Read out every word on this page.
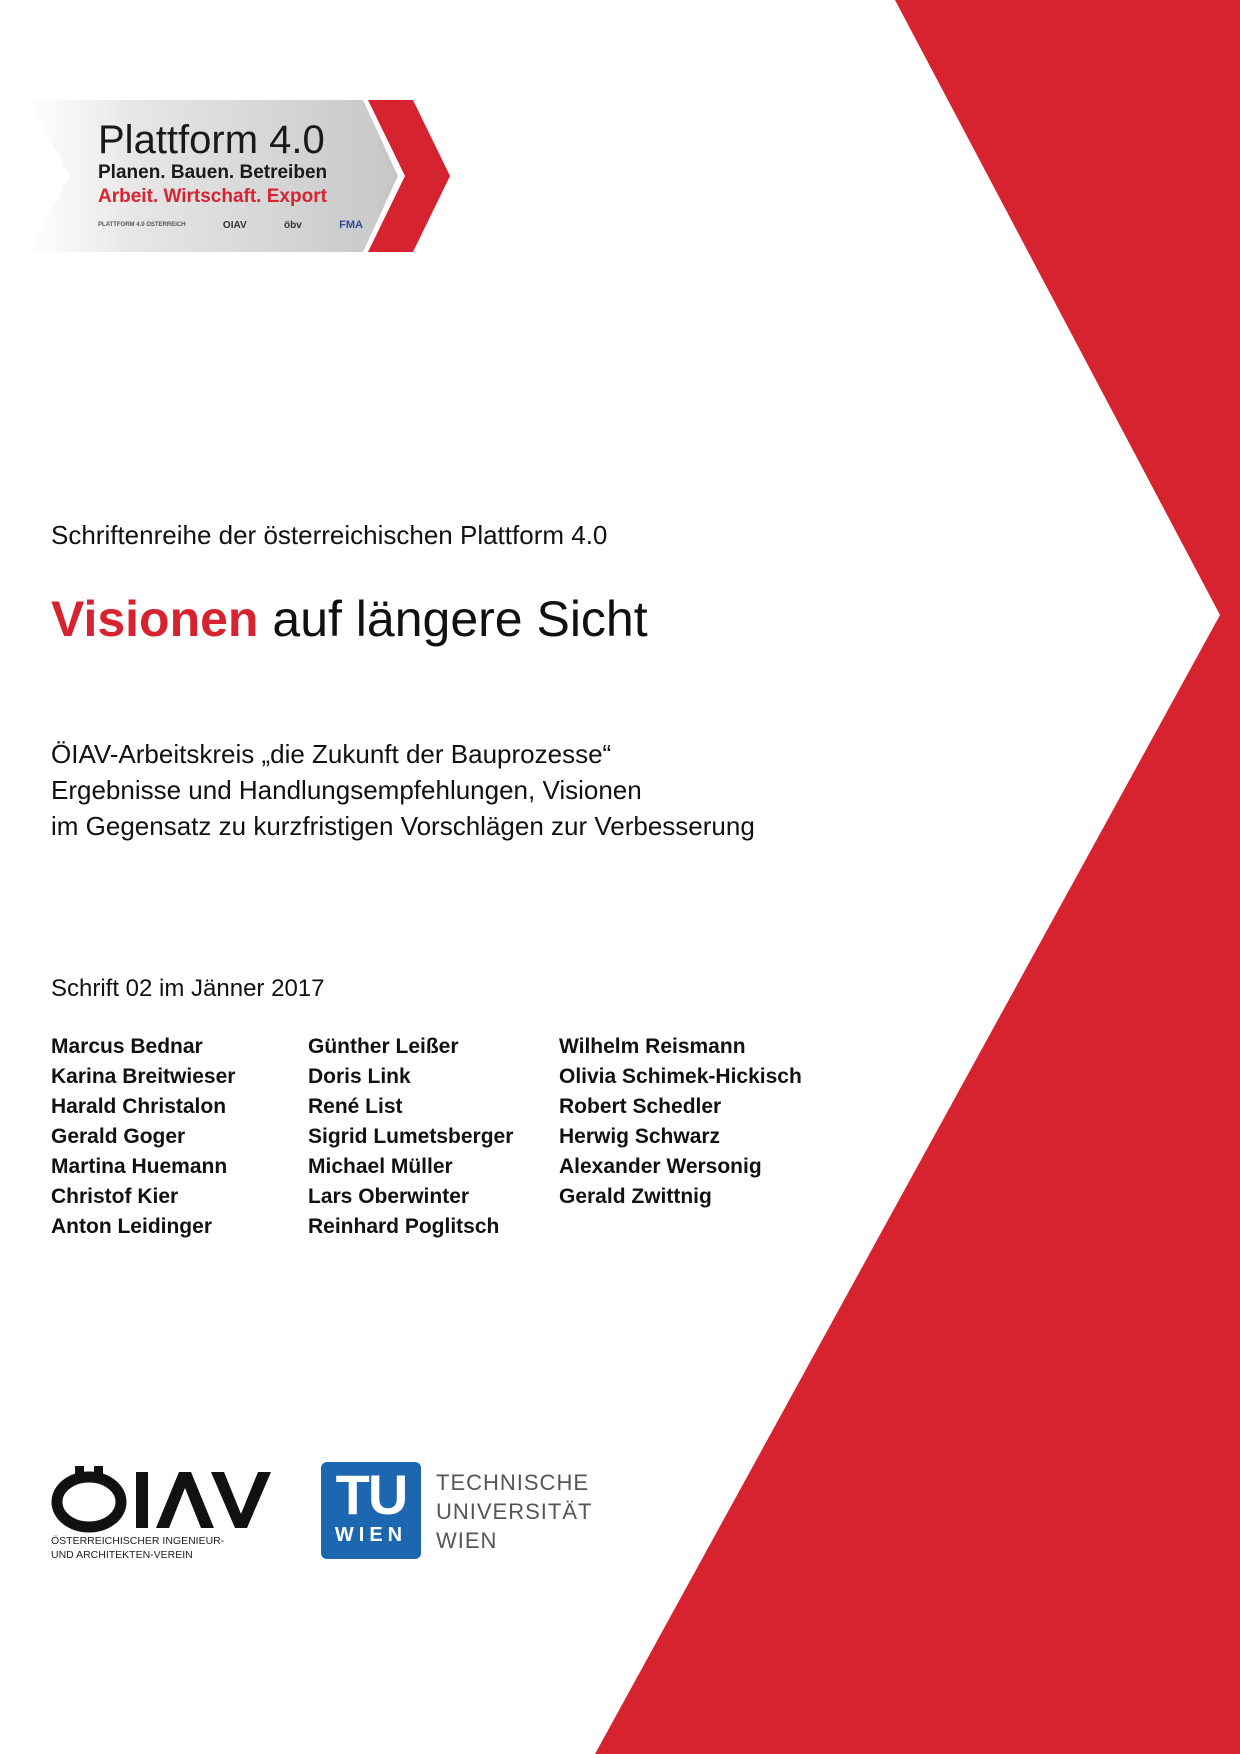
Plattform 4.0
Planen. Bauen. Betreiben
Arbeit. Wirtschaft. Export
PLATTFORM 4.0 OSTERREICH	OIAV	öbv	FMA
Schriftenreihe der österreichischen Plattform 4.0
Visionen auf längere Sicht
ÖIAV-Arbeitskreis „die Zukunft der Bauprozesse“
Ergebnisse und Handlungsempfehlungen, Visionen
im Gegensatz zu kurzfristigen Vorschlägen zur Verbesserung
Schrift 02 im Jänner 2017
Marcus Bednar
Karina Breitwieser
Harald Christalon
Gerald Goger
Martina Huemann
Christof Kier
Anton Leidinger
Günther Leißer
Doris Link
René List
Sigrid Lumetsberger
Michael Müller
Lars Oberwinter
Reinhard Poglitsch
Wilhelm Reismann
Olivia Schimek-Hickisch
Robert Schedler
Herwig Schwarz
Alexander Wersonig
Gerald Zwittnig
ÖSTERREICHISCHER INGENIEUR-
UND ARCHITEKTEN-VEREIN
TU
WIEN
TECHNISCHE
UNIVERSITÄT
WIEN
